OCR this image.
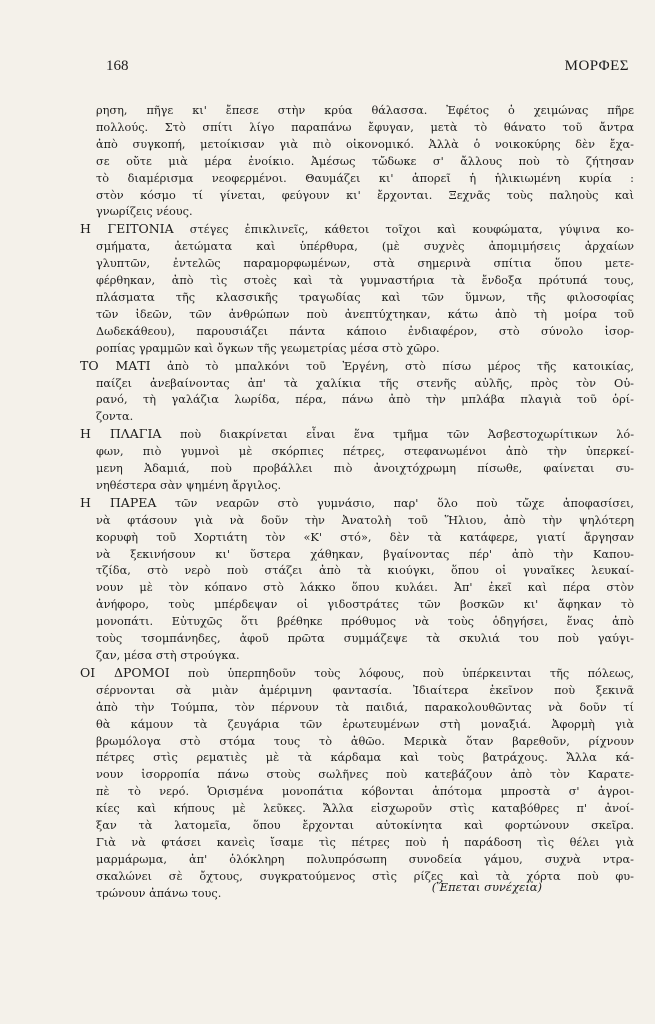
168	ΜΟΡΦΕΣ

ρηση, πῆγε κι' ἔπεσε στὴν κρύα θάλασσα. Ἐφέτος ὁ χειμώνας πῆρε
πολλούς. Στὸ σπίτι λίγο παραπάνω ἔφυγαν, μετὰ τὸ θάνατο τοῦ ἄντρα
ἀπὸ συγκοπή, μετοίκισαν γιὰ πιὸ οἰκονομικό. Ἀλλὰ ὁ νοικοκύρης δὲν ἔχα-
σε οὔτε μιὰ μέρα ἐνοίκιο. Ἀμέσως τὤδωκε σ' ἄλλους ποὺ τὸ ζήτησαν
τὸ διαμέρισμα νεοφερμένοι. Θαυμάζει κι' ἀπορεῖ ἡ ἡλικιωμένη κυρία :
στὸν κόσμο τί γίνεται, φεύγουν κι' ἔρχονται. Ξεχνᾶς τοὺς παληοὺς καὶ
γνωρίζεις νέους.

Η ΓΕΙΤΟΝΙΑ στέγες ἐπικλινεῖς, κάθετοι τοῖχοι καὶ κουφώματα, γύψινα κο-
σμήματα, ἀετώματα καὶ ὑπέρθυρα, (μὲ συχνὲς ἀπομιμήσεις ἀρχαίων
γλυπτῶν, ἐντελῶς παραμορφωμένων, στὰ σημερινὰ σπίτια ὅπου μετε-
φέρθηκαν, ἀπὸ τὶς στοὲς καὶ τὰ γυμναστήρια τὰ ἔνδοξα πρότυπά τους,
πλάσματα τῆς κλασσικῆς τραγωδίας καὶ τῶν ὕμνων, τῆς φιλοσοφίας
τῶν ἰδεῶν, τῶν ἀνθρώπων ποὺ ἀνεπτύχτηκαν, κάτω ἀπὸ τὴ μοίρα τοῦ
Δωδεκάθεου), παρουσιάζει πάντα κάποιο ἐνδιαφέρον, στὸ σύνολο ἰσορ-
ροπίας γραμμῶν καὶ ὄγκων τῆς γεωμετρίας μέσα στὸ χῶρο.

ΤΟ ΜΑΤΙ ἀπὸ τὸ μπαλκόνι τοῦ Ἐργένη, στὸ πίσω μέρος τῆς κατοικίας,
παίζει ἀνεβαίνοντας ἀπ' τὰ χαλίκια τῆς στενῆς αὐλῆς, πρὸς τὸν Οὐ-
ρανό, τὴ γαλάζια λωρίδα, πέρα, πάνω ἀπὸ τὴν μπλάβα πλαγιὰ τοῦ ὁρί-
ζοντα.

Η ΠΛΑΓΙΑ ποὺ διακρίνεται εἶναι ἕνα τμῆμα τῶν Ἀσβεστοχωρίτικων λό-
φων, πιὸ γυμνοὶ μὲ σκόρπιες πέτρες, στεφανωμένοι ἀπὸ τὴν ὑπερκεί-
μενη Ἀδαμιά, ποὺ προβάλλει πιὸ ἀνοιχτόχρωμη πίσωθε, φαίνεται συ-
νηθέστερα σὰν ψημένη ἄργιλος.

Η ΠΑΡΕΑ τῶν νεαρῶν στὸ γυμνάσιο, παρ' ὅλο ποὺ τὤχε ἀποφασίσει,
νὰ φτάσουν γιὰ νὰ δοῦν τὴν Ἀνατολὴ τοῦ Ἥλιου, ἀπὸ τὴν ψηλότερη
κορυφὴ τοῦ Χορτιάτη τὸν «Κ' στό», δὲν τὰ κατάφερε, γιατί ἄργησαν
νὰ ξεκινήσουν κι' ὕστερα χάθηκαν, βγαίνοντας πέρ' ἀπὸ τὴν Καπου-
τζίδα, στὸ νερὸ ποὺ στάζει ἀπὸ τὰ κιούγκι, ὅπου οἱ γυναῖκες λευκαί-
νουν μὲ τὸν κόπανο στὸ λάκκο ὅπου κυλάει. Ἀπ' ἐκεῖ καὶ πέρα στὸν
ἀνήφορο, τοὺς μπέρδεψαν οἱ γιδοστράτες τῶν βοσκῶν κι' ἄφηκαν τὸ
μονοπάτι. Εὐτυχῶς ὅτι βρέθηκε πρόθυμος νὰ τοὺς ὁδηγήσει, ἕνας ἀπὸ
τοὺς τσομπάνηδες, ἀφοῦ πρῶτα συμμάζεψε τὰ σκυλιά του ποὺ γαύγι-
ζαν, μέσα στὴ στρούγκα.

ΟΙ ΔΡΟΜΟΙ ποὺ ὑπερπηδοῦν τοὺς λόφους, ποὺ ὑπέρκεινται τῆς πόλεως,
σέρνονται σὰ μιὰν ἀμέριμνη φαντασία. Ἰδιαίτερα ἐκεῖνον ποὺ ξεκινᾶ
ἀπὸ τὴν Τούμπα, τὸν πέρνουν τὰ παιδιά, παρακολουθῶντας νὰ δοῦν τί
θὰ κάμουν τὰ ζευγάρια τῶν ἐρωτευμένων στὴ μοναξιά. Ἀφορμὴ γιὰ
βρωμόλογα στὸ στόμα τους τὸ ἀθῶο. Μερικὰ ὅταν βαρεθοῦν, ρίχνουν
πέτρες στὶς ρεματιὲς μὲ τὰ κάρδαμα καὶ τοὺς βατράχους. Ἄλλα κά-
νουν ἰσορροπία πάνω στοὺς σωλῆνες ποὺ κατεβάζουν ἀπὸ τὸν Καρατε-
πὲ τὸ νερό. Ὁρισμένα μονοπάτια κόβονται ἀπότομα μπροστὰ σ' ἀγροι-
κίες καὶ κήπους μὲ λεῦκες. Ἄλλα εἰσχωροῦν στὶς καταβόθρες π' ἀνοί-
ξαν τὰ λατομεῖα, ὅπου ἔρχονται αὐτοκίνητα καὶ φορτώνουν σκεῖρα.
Γιὰ νὰ φτάσει κανεὶς ἴσαμε τὶς πέτρες ποὺ ἡ παράδοση τὶς θέλει γιὰ
μαρμάρωμα, ἀπ' ὁλόκληρη πολυπρόσωπη συνοδεία γάμου, συχνὰ ντρα-
σκαλώνει σὲ ὄχτους, συγκρατούμενος στὶς ρίζες καὶ τὰ χόρτα ποὺ φυ-
τρώνουν ἀπάνω τους.	(Ἕπεται συνέχεια)
